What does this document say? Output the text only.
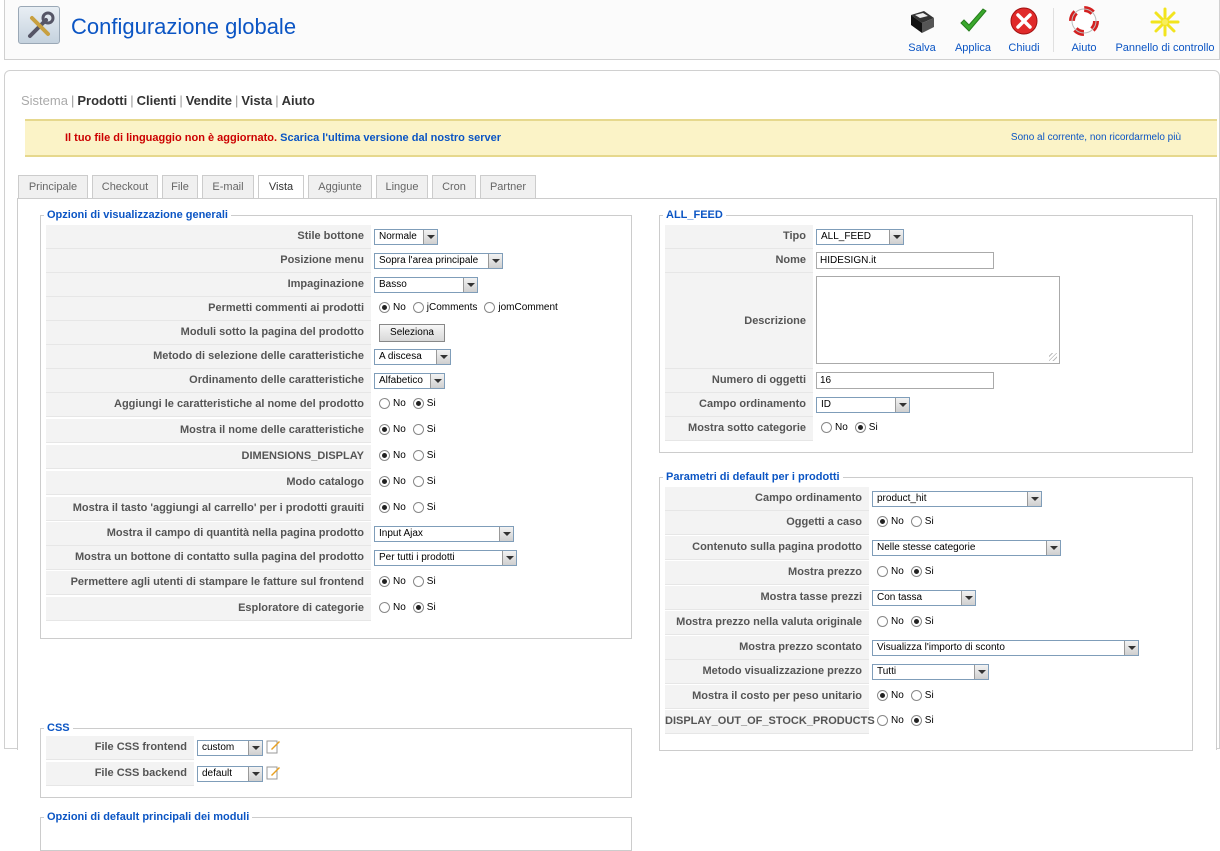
Configurazione globale
Salva	Applica	Chiudi	Aiuto	Pannello di controllo
Sistema | Prodotti | Clienti | Vendite | Vista | Aiuto
Il tuo file di linguaggio non è aggiornato. Scarica l'ultima versione dal nostro server	Sono al corrente, non ricordarmelo più
Principale	Checkout	File	E-mail	Vista	Aggiunte	Lingue	Cron	Partner
Opzioni di visualizzazione generali
Stile bottone	Normale
Posizione menu	Sopra l'area principale
Impaginazione	Basso
Permetti commenti ai prodotti	No jComments jomComment
Moduli sotto la pagina del prodotto	Seleziona
Metodo di selezione delle caratteristiche	A discesa
Ordinamento delle caratteristiche	Alfabetico
Aggiungi le caratteristiche al nome del prodotto	No Si
Mostra il nome delle caratteristiche	No Si
DIMENSIONS_DISPLAY	No Si
Modo catalogo	No Si
Mostra il tasto 'aggiungi al carrello' per i prodotti grauiti	No Si
Mostra il campo di quantità nella pagina prodotto	Input Ajax
Mostra un bottone di contatto sulla pagina del prodotto	Per tutti i prodotti
Permettere agli utenti di stampare le fatture sul frontend	No Si
Esploratore di categorie	No Si
CSS
File CSS frontend	custom
File CSS backend	default
Opzioni di default principali dei moduli
ALL_FEED
Tipo	ALL_FEED
Nome	HIDESIGN.it
Descrizione
Numero di oggetti	16
Campo ordinamento	ID
Mostra sotto categorie	No Si
Parametri di default per i prodotti
Campo ordinamento	product_hit
Oggetti a caso	No Si
Contenuto sulla pagina prodotto	Nelle stesse categorie
Mostra prezzo	No Si
Mostra tasse prezzi	Con tassa
Mostra prezzo nella valuta originale	No Si
Mostra prezzo scontato	Visualizza l'importo di sconto
Metodo visualizzazione prezzo	Tutti
Mostra il costo per peso unitario	No Si
DISPLAY_OUT_OF_STOCK_PRODUCTS	No Si
